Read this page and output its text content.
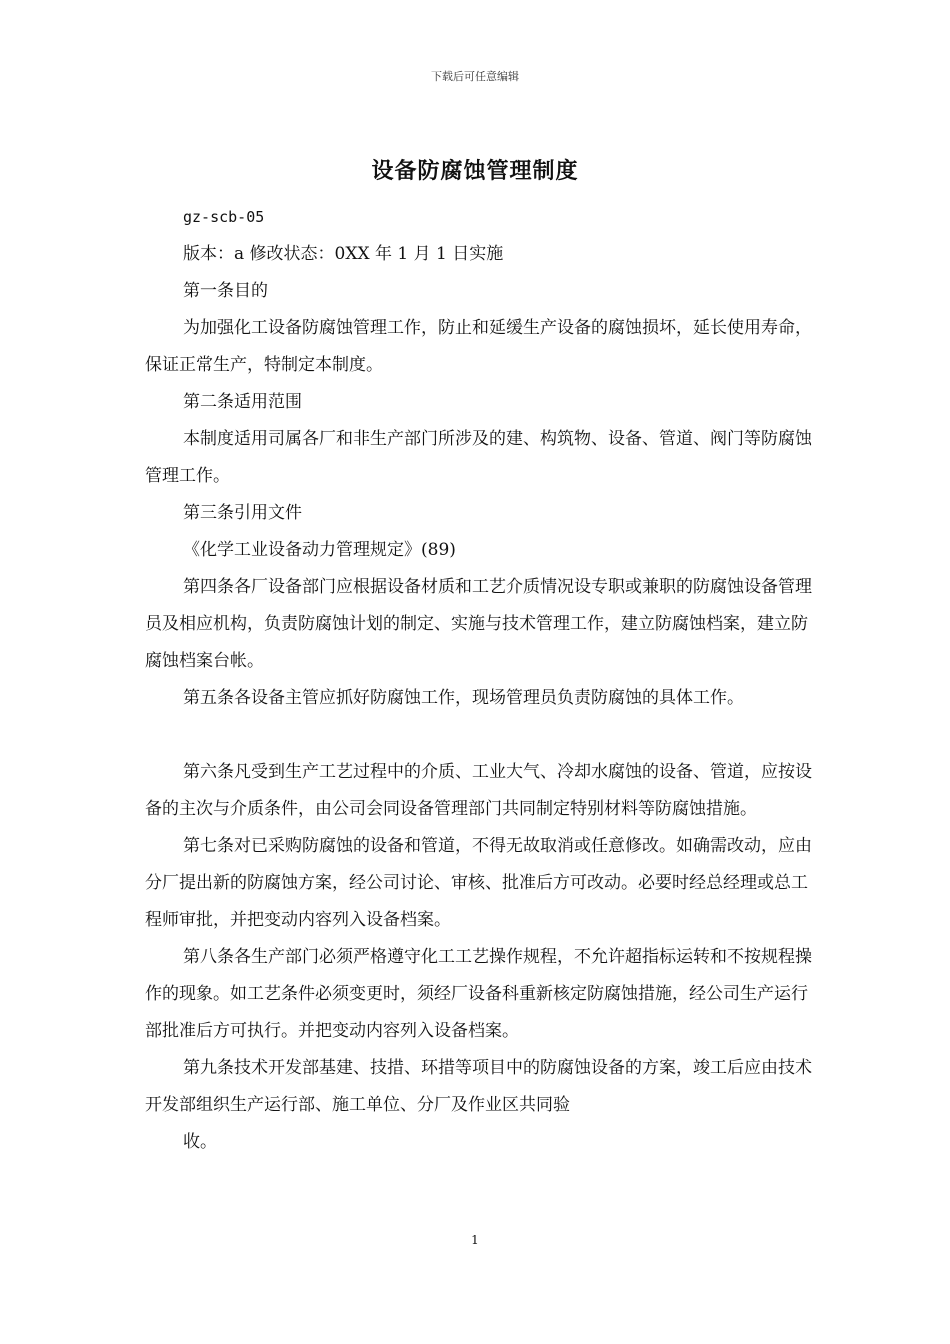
下载后可任意编辑
设备防腐蚀管理制度

gz-scb-05

版本：a 修改状态：0XX 年 1 月 1 日实施

第一条目的

为加强化工设备防腐蚀管理工作，防止和延缓生产设备的腐蚀损坏，延长使用寿命，保证正常生产，特制定本制度。

第二条适用范围

本制度适用司属各厂和非生产部门所涉及的建、构筑物、设备、管道、阀门等防腐蚀管理工作。

第三条引用文件

《化学工业设备动力管理规定》(89)

第四条各厂设备部门应根据设备材质和工艺介质情况设专职或兼职的防腐蚀设备管理员及相应机构，负责防腐蚀计划的制定、实施与技术管理工作，建立防腐蚀档案，建立防腐蚀档案台帐。

第五条各设备主管应抓好防腐蚀工作，现场管理员负责防腐蚀的具体工作。

第六条凡受到生产工艺过程中的介质、工业大气、冷却水腐蚀的设备、管道，应按设备的主次与介质条件，由公司会同设备管理部门共同制定特别材料等防腐蚀措施。

第七条对已采购防腐蚀的设备和管道，不得无故取消或任意修改。如确需改动，应由分厂提出新的防腐蚀方案，经公司讨论、审核、批准后方可改动。必要时经总经理或总工程师审批，并把变动内容列入设备档案。

第八条各生产部门必须严格遵守化工工艺操作规程，不允许超指标运转和不按规程操作的现象。如工艺条件必须变更时，须经厂设备科重新核定防腐蚀措施，经公司生产运行部批准后方可执行。并把变动内容列入设备档案。

第九条技术开发部基建、技措、环措等项目中的防腐蚀设备的方案，竣工后应由技术开发部组织生产运行部、施工单位、分厂及作业区共同验

收。

1
